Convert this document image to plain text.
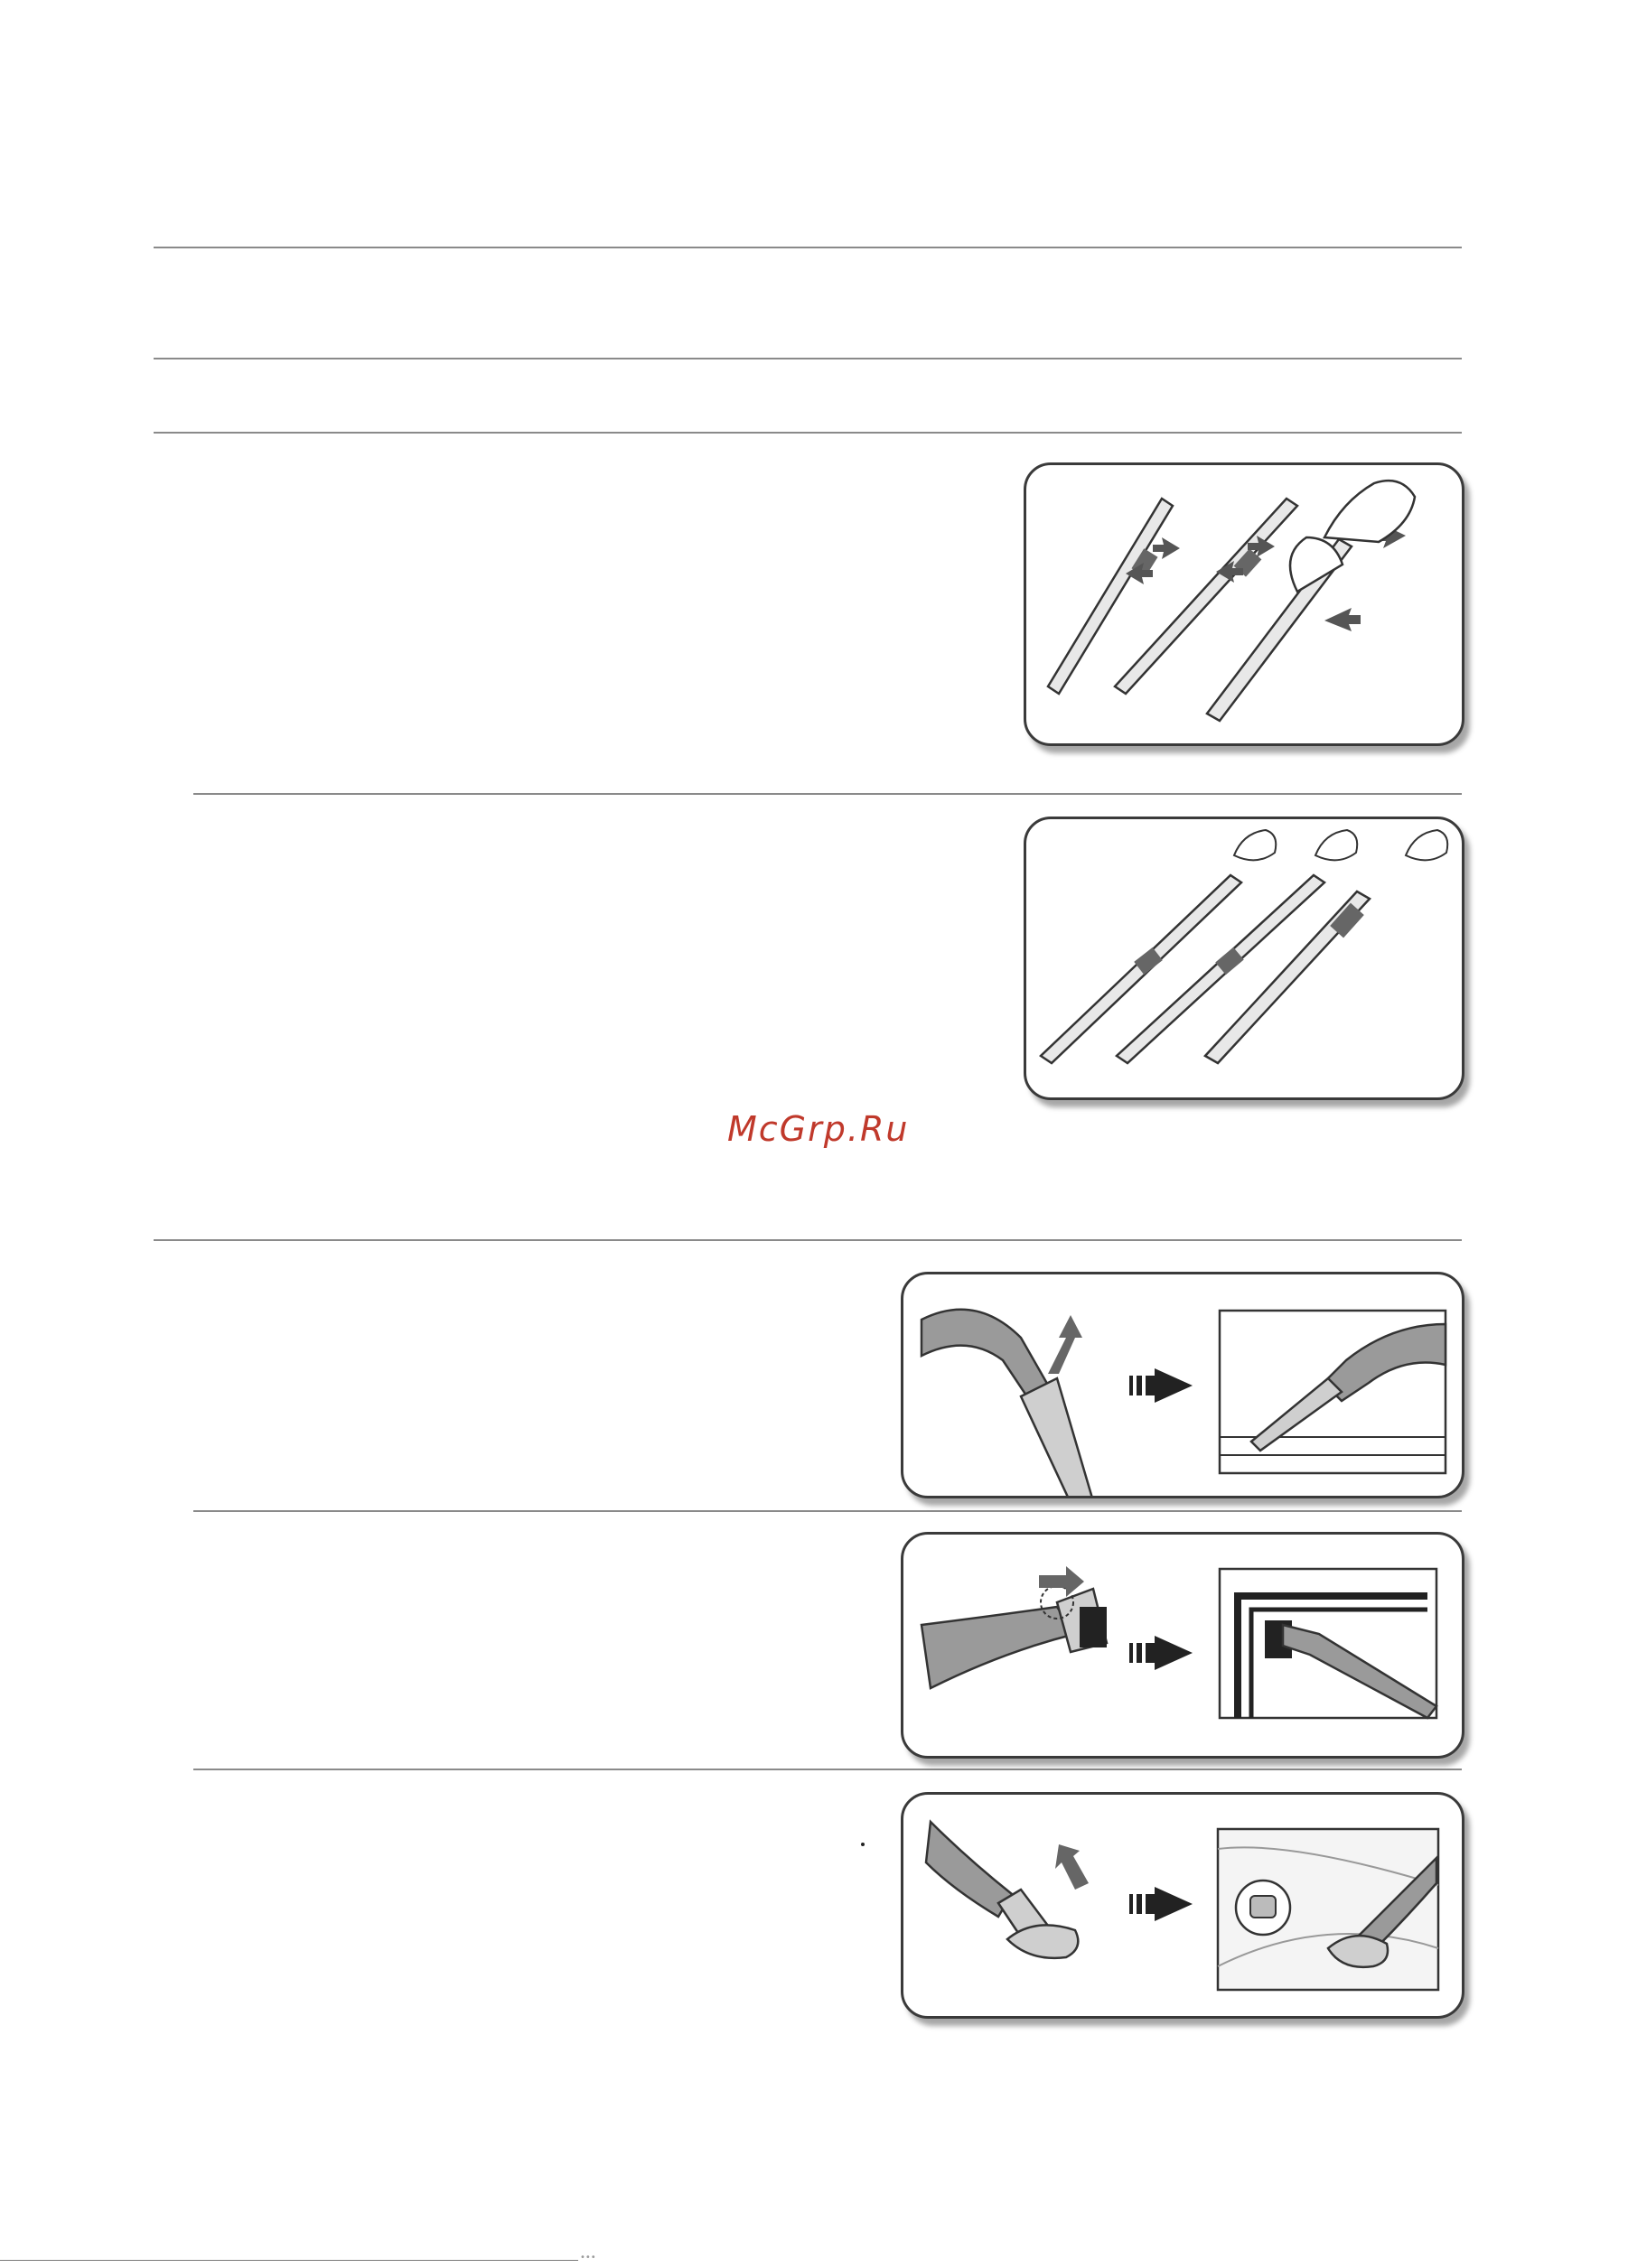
McGrp.Ru
•••
